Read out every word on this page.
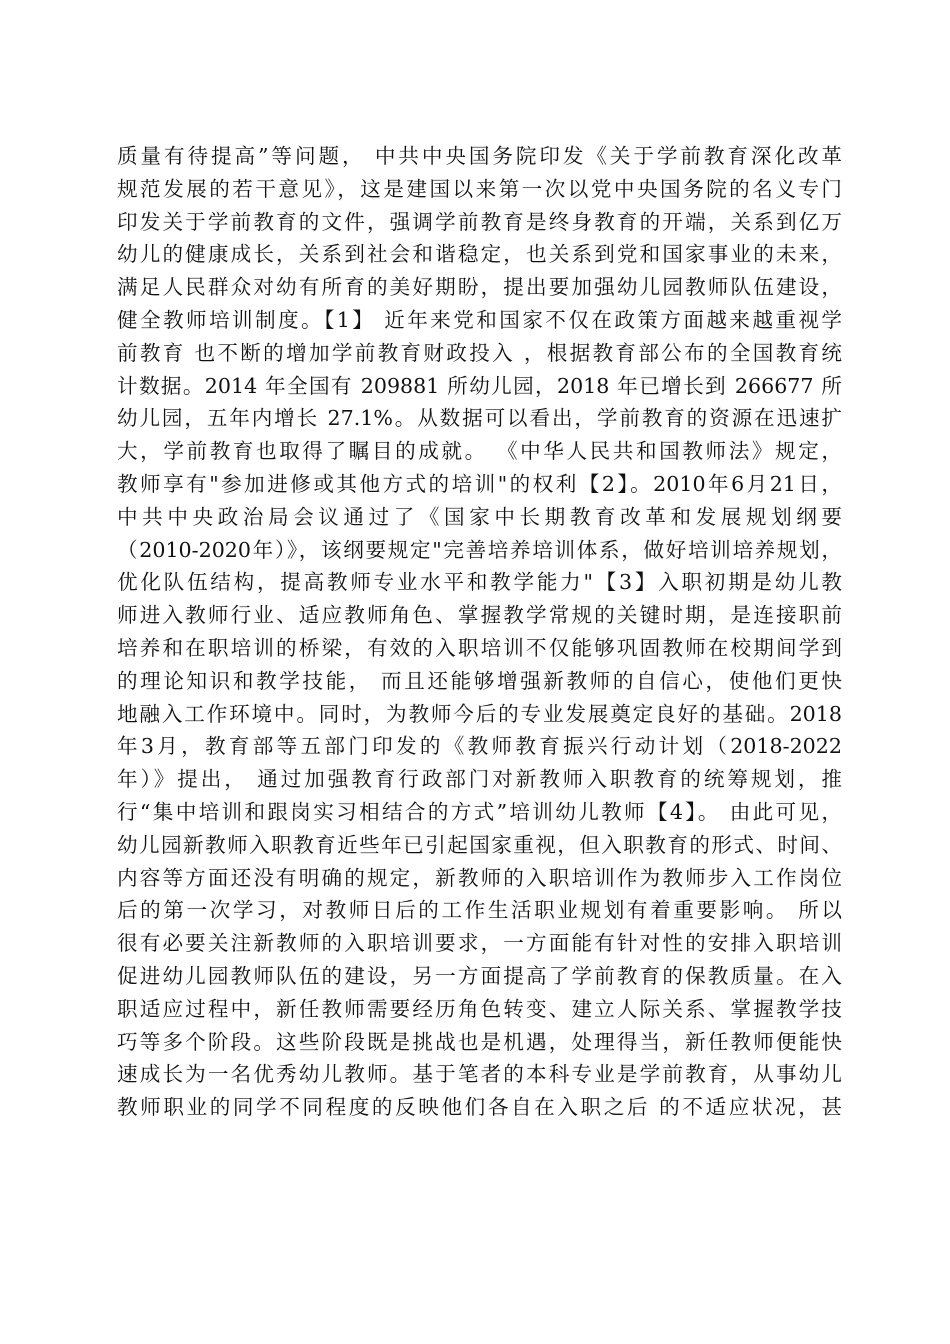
质量有待提高”等问题， 中共中央国务院印发《关于学前教育深化改革
规范发展的若干意见》，这是建国以来第一次以党中央国务院的名义专门
印发关于学前教育的文件，强调学前教育是终身教育的开端，关系到亿万
幼儿的健康成长，关系到社会和谐稳定，也关系到党和国家事业的未来，
满足人民群众对幼有所育的美好期盼，提出要加强幼儿园教师队伍建设，
健全教师培训制度。【1】 近年来党和国家不仅在政策方面越来越重视学
前教育 也不断的增加学前教育财政投入 ，根据教育部公布的全国教育统
计数据。2014 年全国有 209881 所幼儿园，2018 年已增长到 266677 所
幼儿园，五年内增长 27.1%。从数据可以看出，学前教育的资源在迅速扩
大，学前教育也取得了瞩目的成就。 《中华人民共和国教师法》规定，
教师享有"参加进修或其他方式的培训"的权利【2】。2010年6月21日，
中共中央政治局会议通过了《国家中长期教育改革和发展规划纲要
（2010-2020年）》，该纲要规定"完善培养培训体系，做好培训培养规划，
优化队伍结构，提高教师专业水平和教学能力"【3】入职初期是幼儿教
师进入教师行业、适应教师角色、掌握教学常规的关键时期，是连接职前
培养和在职培训的桥梁，有效的入职培训不仅能够巩固教师在校期间学到
的理论知识和教学技能， 而且还能够增强新教师的自信心，使他们更快
地融入工作环境中。同时，为教师今后的专业发展奠定良好的基础。2018
年3月，教育部等五部门印发的《教师教育振兴行动计划（2018-2022
年）》提出， 通过加强教育行政部门对新教师入职教育的统筹规划，推
行“集中培训和跟岗实习相结合的方式”培训幼儿教师【4】。 由此可见，
幼儿园新教师入职教育近些年已引起国家重视，但入职教育的形式、时间、
内容等方面还没有明确的规定，新教师的入职培训作为教师步入工作岗位
后的第一次学习，对教师日后的工作生活职业规划有着重要影响。 所以
很有必要关注新教师的入职培训要求，一方面能有针对性的安排入职培训
促进幼儿园教师队伍的建设，另一方面提高了学前教育的保教质量。在入
职适应过程中，新任教师需要经历角色转变、建立人际关系、掌握教学技
巧等多个阶段。这些阶段既是挑战也是机遇，处理得当，新任教师便能快
速成长为一名优秀幼儿教师。基于笔者的本科专业是学前教育，从事幼儿
教师职业的同学不同程度的反映他们各自在入职之后 的不适应状况，甚
